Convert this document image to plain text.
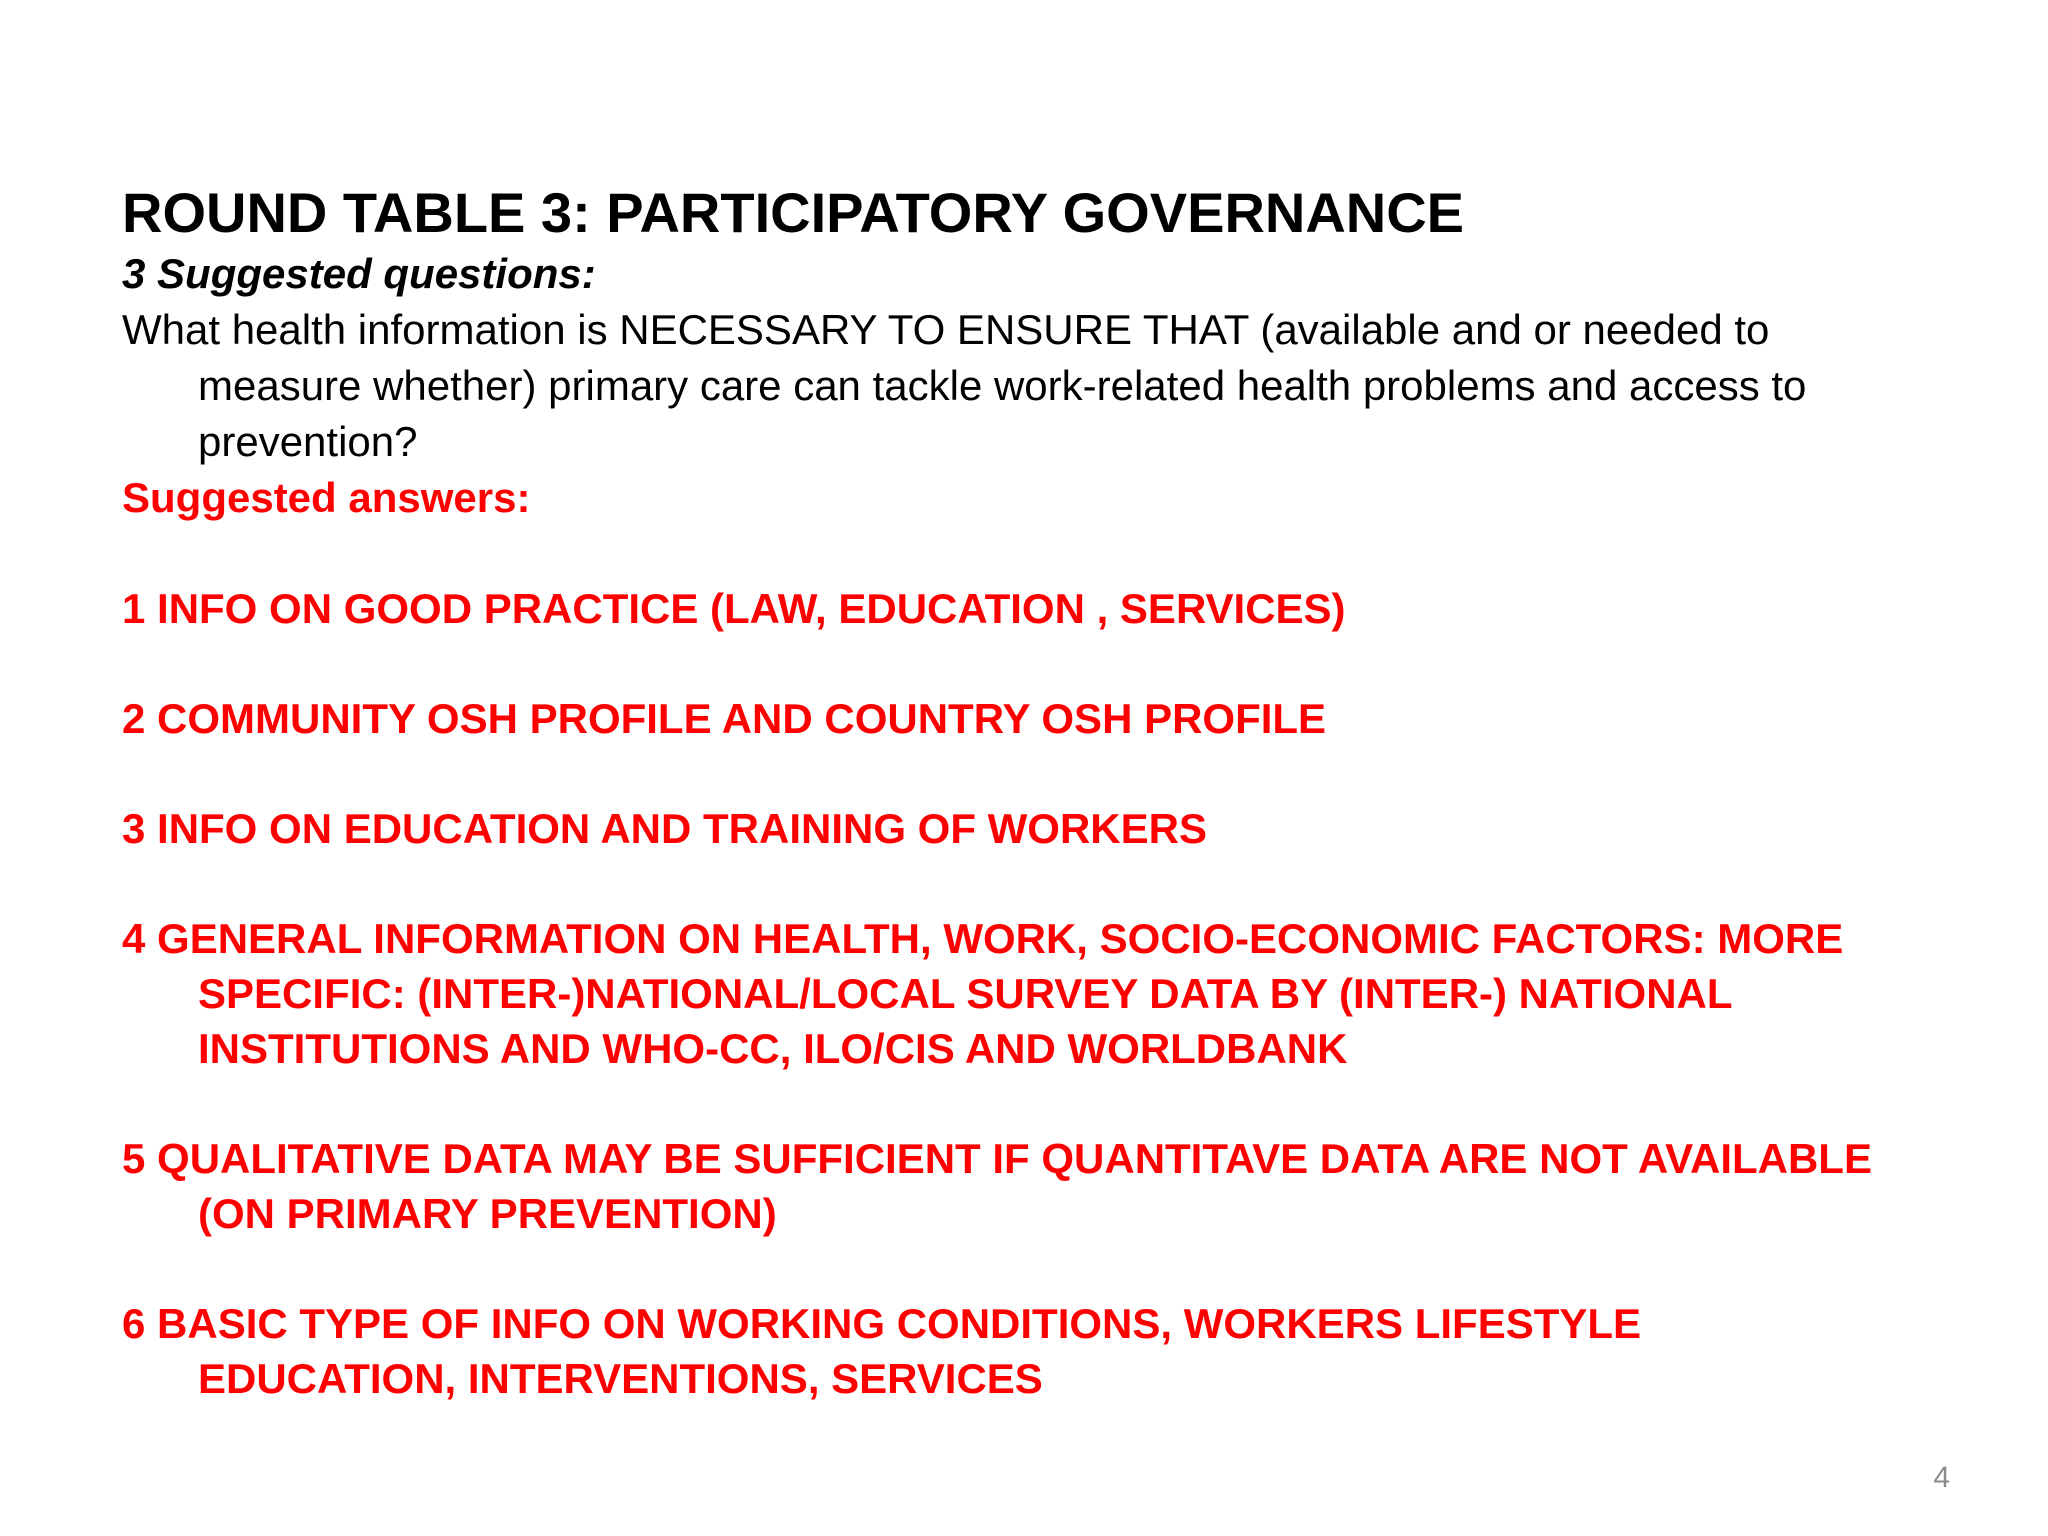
ROUND TABLE 3: PARTICIPATORY GOVERNANCE

3 Suggested questions:

What health information is NECESSARY TO ENSURE THAT (available and or needed to measure whether) primary care can tackle work-related health problems and access to prevention?

Suggested answers:

1 INFO ON GOOD PRACTICE (LAW, EDUCATION , SERVICES)
2 COMMUNITY OSH PROFILE AND COUNTRY OSH PROFILE
3 INFO ON EDUCATION AND TRAINING OF WORKERS
4 GENERAL INFORMATION ON HEALTH, WORK, SOCIO-ECONOMIC FACTORS: MORE SPECIFIC: (INTER-)NATIONAL/LOCAL SURVEY DATA BY (INTER-) NATIONAL INSTITUTIONS AND WHO-CC, ILO/CIS AND WORLDBANK
5 QUALITATIVE DATA MAY BE SUFFICIENT IF QUANTITAVE DATA ARE NOT AVAILABLE (ON PRIMARY PREVENTION)
6 BASIC TYPE OF INFO ON WORKING CONDITIONS, WORKERS LIFESTYLE EDUCATION, INTERVENTIONS, SERVICES
4
